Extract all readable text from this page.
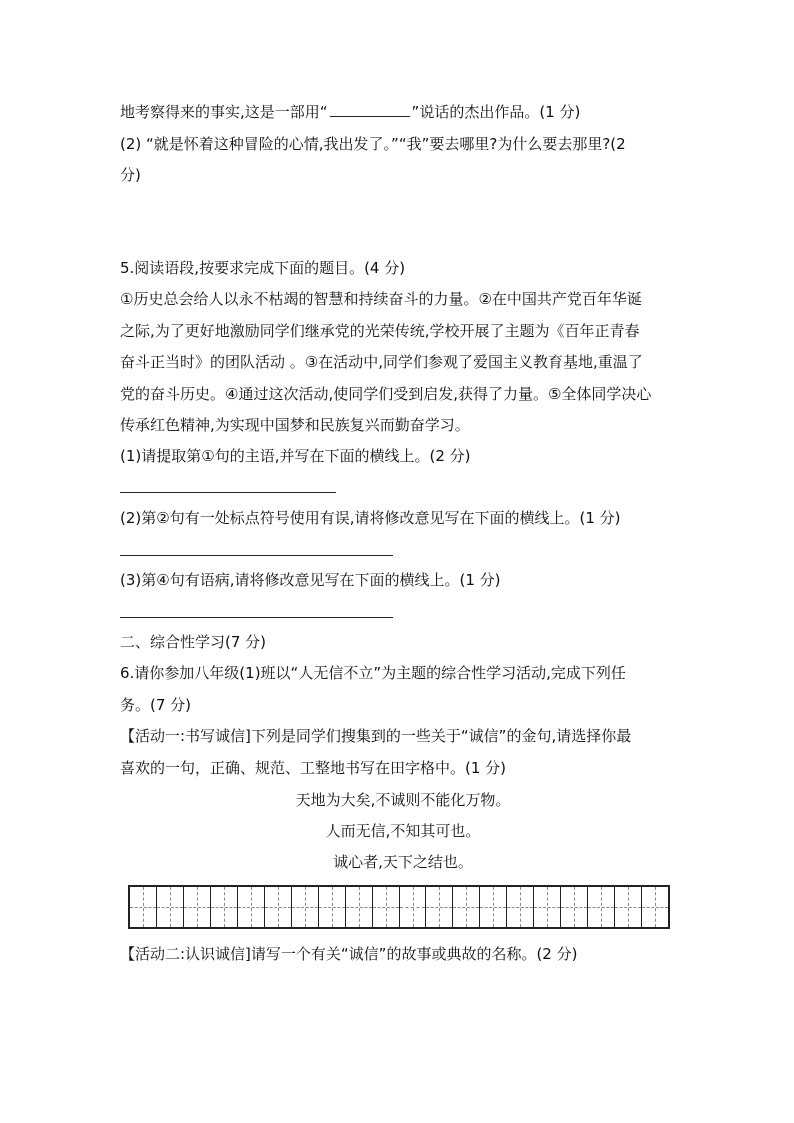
地考察得来的事实,这是一部用“	”说话的杰出作品。(1 分)
(2) “就是怀着这种冒险的心情,我出发了。”“我”要去哪里?为什么要去那里?(2
分)
5.阅读语段,按要求完成下面的题目。(4 分)
①历史总会给人以永不枯竭的智慧和持续奋斗的力量。②在中国共产党百年华诞
之际,为了更好地激励同学们继承党的光荣传统,学校开展了主题为《百年正青春
奋斗正当时》的团队活动 。③在活动中,同学们参观了爱国主义教育基地,重温了
党的奋斗历史。④通过这次活动,使同学们受到启发,获得了力量。⑤全体同学决心
传承红色精神,为实现中国梦和民族复兴而勤奋学习。
(1)请提取第①句的主语,并写在下面的横线上。(2 分)
(2)第②句有一处标点符号使用有误,请将修改意见写在下面的横线上。(1 分)
(3)第④句有语病,请将修改意见写在下面的横线上。(1 分)
二、综合性学习(7 分)
6.请你参加八年级(1)班以“人无信不立”为主题的综合性学习活动,完成下列任
务。(7 分)
【活动一:书写诚信]下列是同学们搜集到的一些关于“诚信”的金句,请选择你最
喜欢的一句，正确、规范、工整地书写在田字格中。(1 分)
天地为大矣,不诚则不能化万物。
人而无信,不知其可也。
诚心者,天下之结也。
【活动二:认识诚信]请写一个有关“诚信”的故事或典故的名称。(2 分)
